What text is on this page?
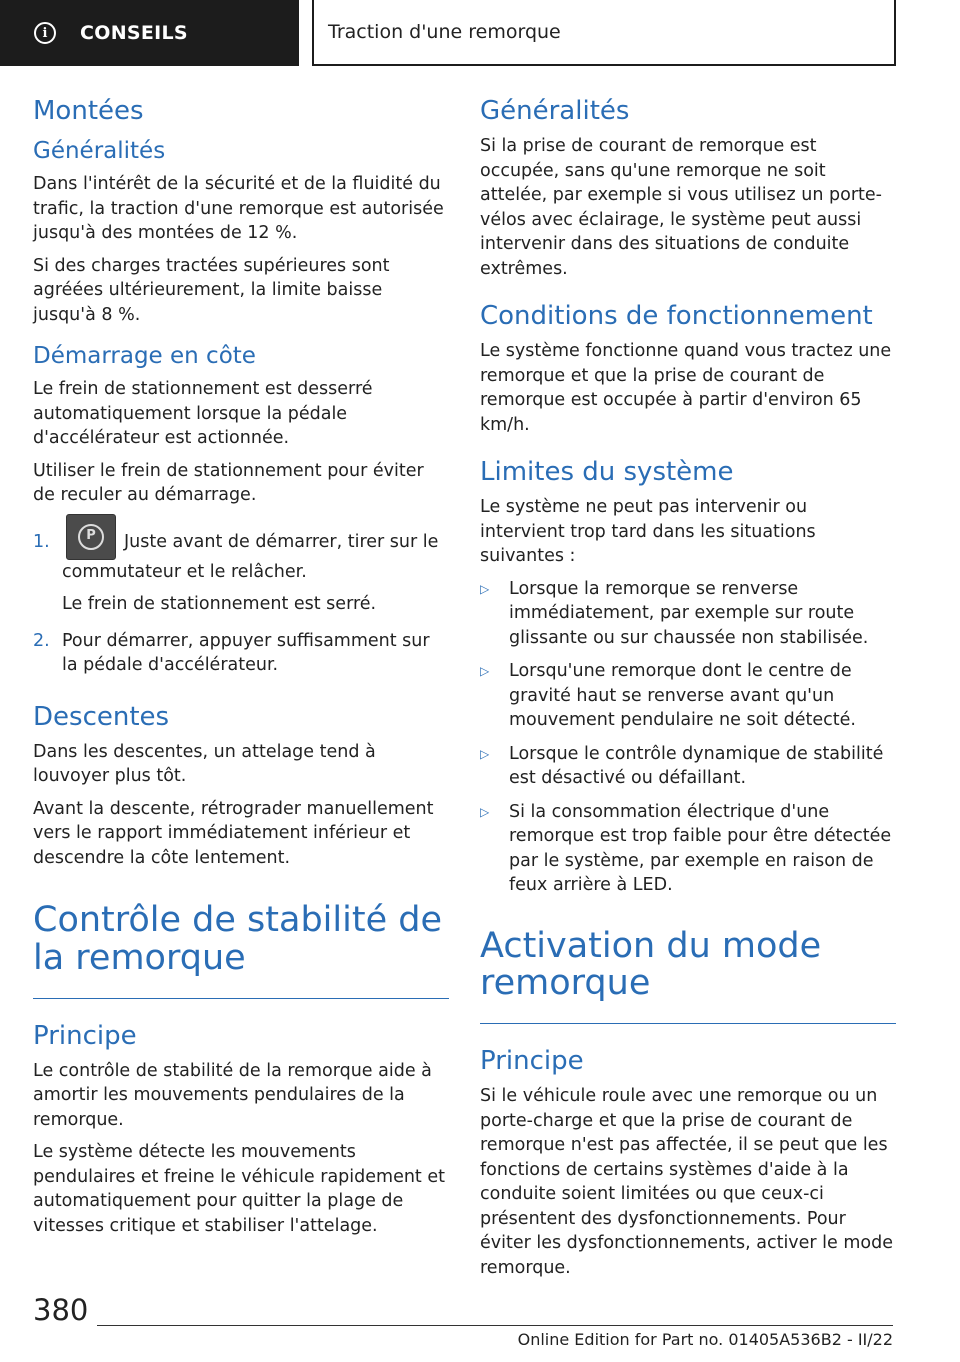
i	CONSEILS	Traction d'une remorque
Montées
Généralités

Dans l'intérêt de la sécurité et de la fluidité du trafic, la traction d'une remorque est autorisée jusqu'à des montées de 12 %.

Si des charges tractées supérieures sont agréées ultérieurement, la limite baisse jusqu'à 8 %.

Démarrage en côte

Le frein de stationnement est desserré automatiquement lorsque la pédale d'accélérateur est actionnée.

Utiliser le frein de stationnement pour éviter de reculer au démarrage.

1.	P	Juste avant de démarrer, tirer sur le commutateur et le relâcher.

Le frein de stationnement est serré.

2. Pour démarrer, appuyer suffisamment sur la pédale d'accélérateur.
Descentes

Dans les descentes, un attelage tend à louvoyer plus tôt.

Avant la descente, rétrograder manuellement vers le rapport immédiatement inférieur et descendre la côte lentement.

Contrôle de stabilité de la remorque
Principe

Le contrôle de stabilité de la remorque aide à amortir les mouvements pendulaires de la remorque.

Le système détecte les mouvements pendulaires et freine le véhicule rapidement et automatiquement pour quitter la plage de vitesses critique et stabiliser l'attelage.

Généralités

Si la prise de courant de remorque est occupée, sans qu'une remorque ne soit attelée, par exemple si vous utilisez un porte-vélos avec éclairage, le système peut aussi intervenir dans des situations de conduite extrêmes.

Conditions de fonctionnement

Le système fonctionne quand vous tractez une remorque et que la prise de courant de remorque est occupée à partir d'environ 65 km/h.

Limites du système

Le système ne peut pas intervenir ou intervient trop tard dans les situations suivantes :

▷	Lorsque la remorque se renverse immédiatement, par exemple sur route glissante ou sur chaussée non stabilisée.
▷	Lorsqu'une remorque dont le centre de gravité haut se renverse avant qu'un mouvement pendulaire ne soit détecté.
▷	Lorsque le contrôle dynamique de stabilité est désactivé ou défaillant.
▷	Si la consommation électrique d'une remorque est trop faible pour être détectée par le système, par exemple en raison de feux arrière à LED.
Activation du mode remorque
Principe

Si le véhicule roule avec une remorque ou un porte-charge et que la prise de courant de remorque n'est pas affectée, il se peut que les fonctions de certains systèmes d'aide à la conduite soient limitées ou que ceux-ci présentent des dysfonctionnements. Pour éviter les dysfonctionnements, activer le mode remorque.

380
Online Edition for Part no. 01405A536B2 - II/22
